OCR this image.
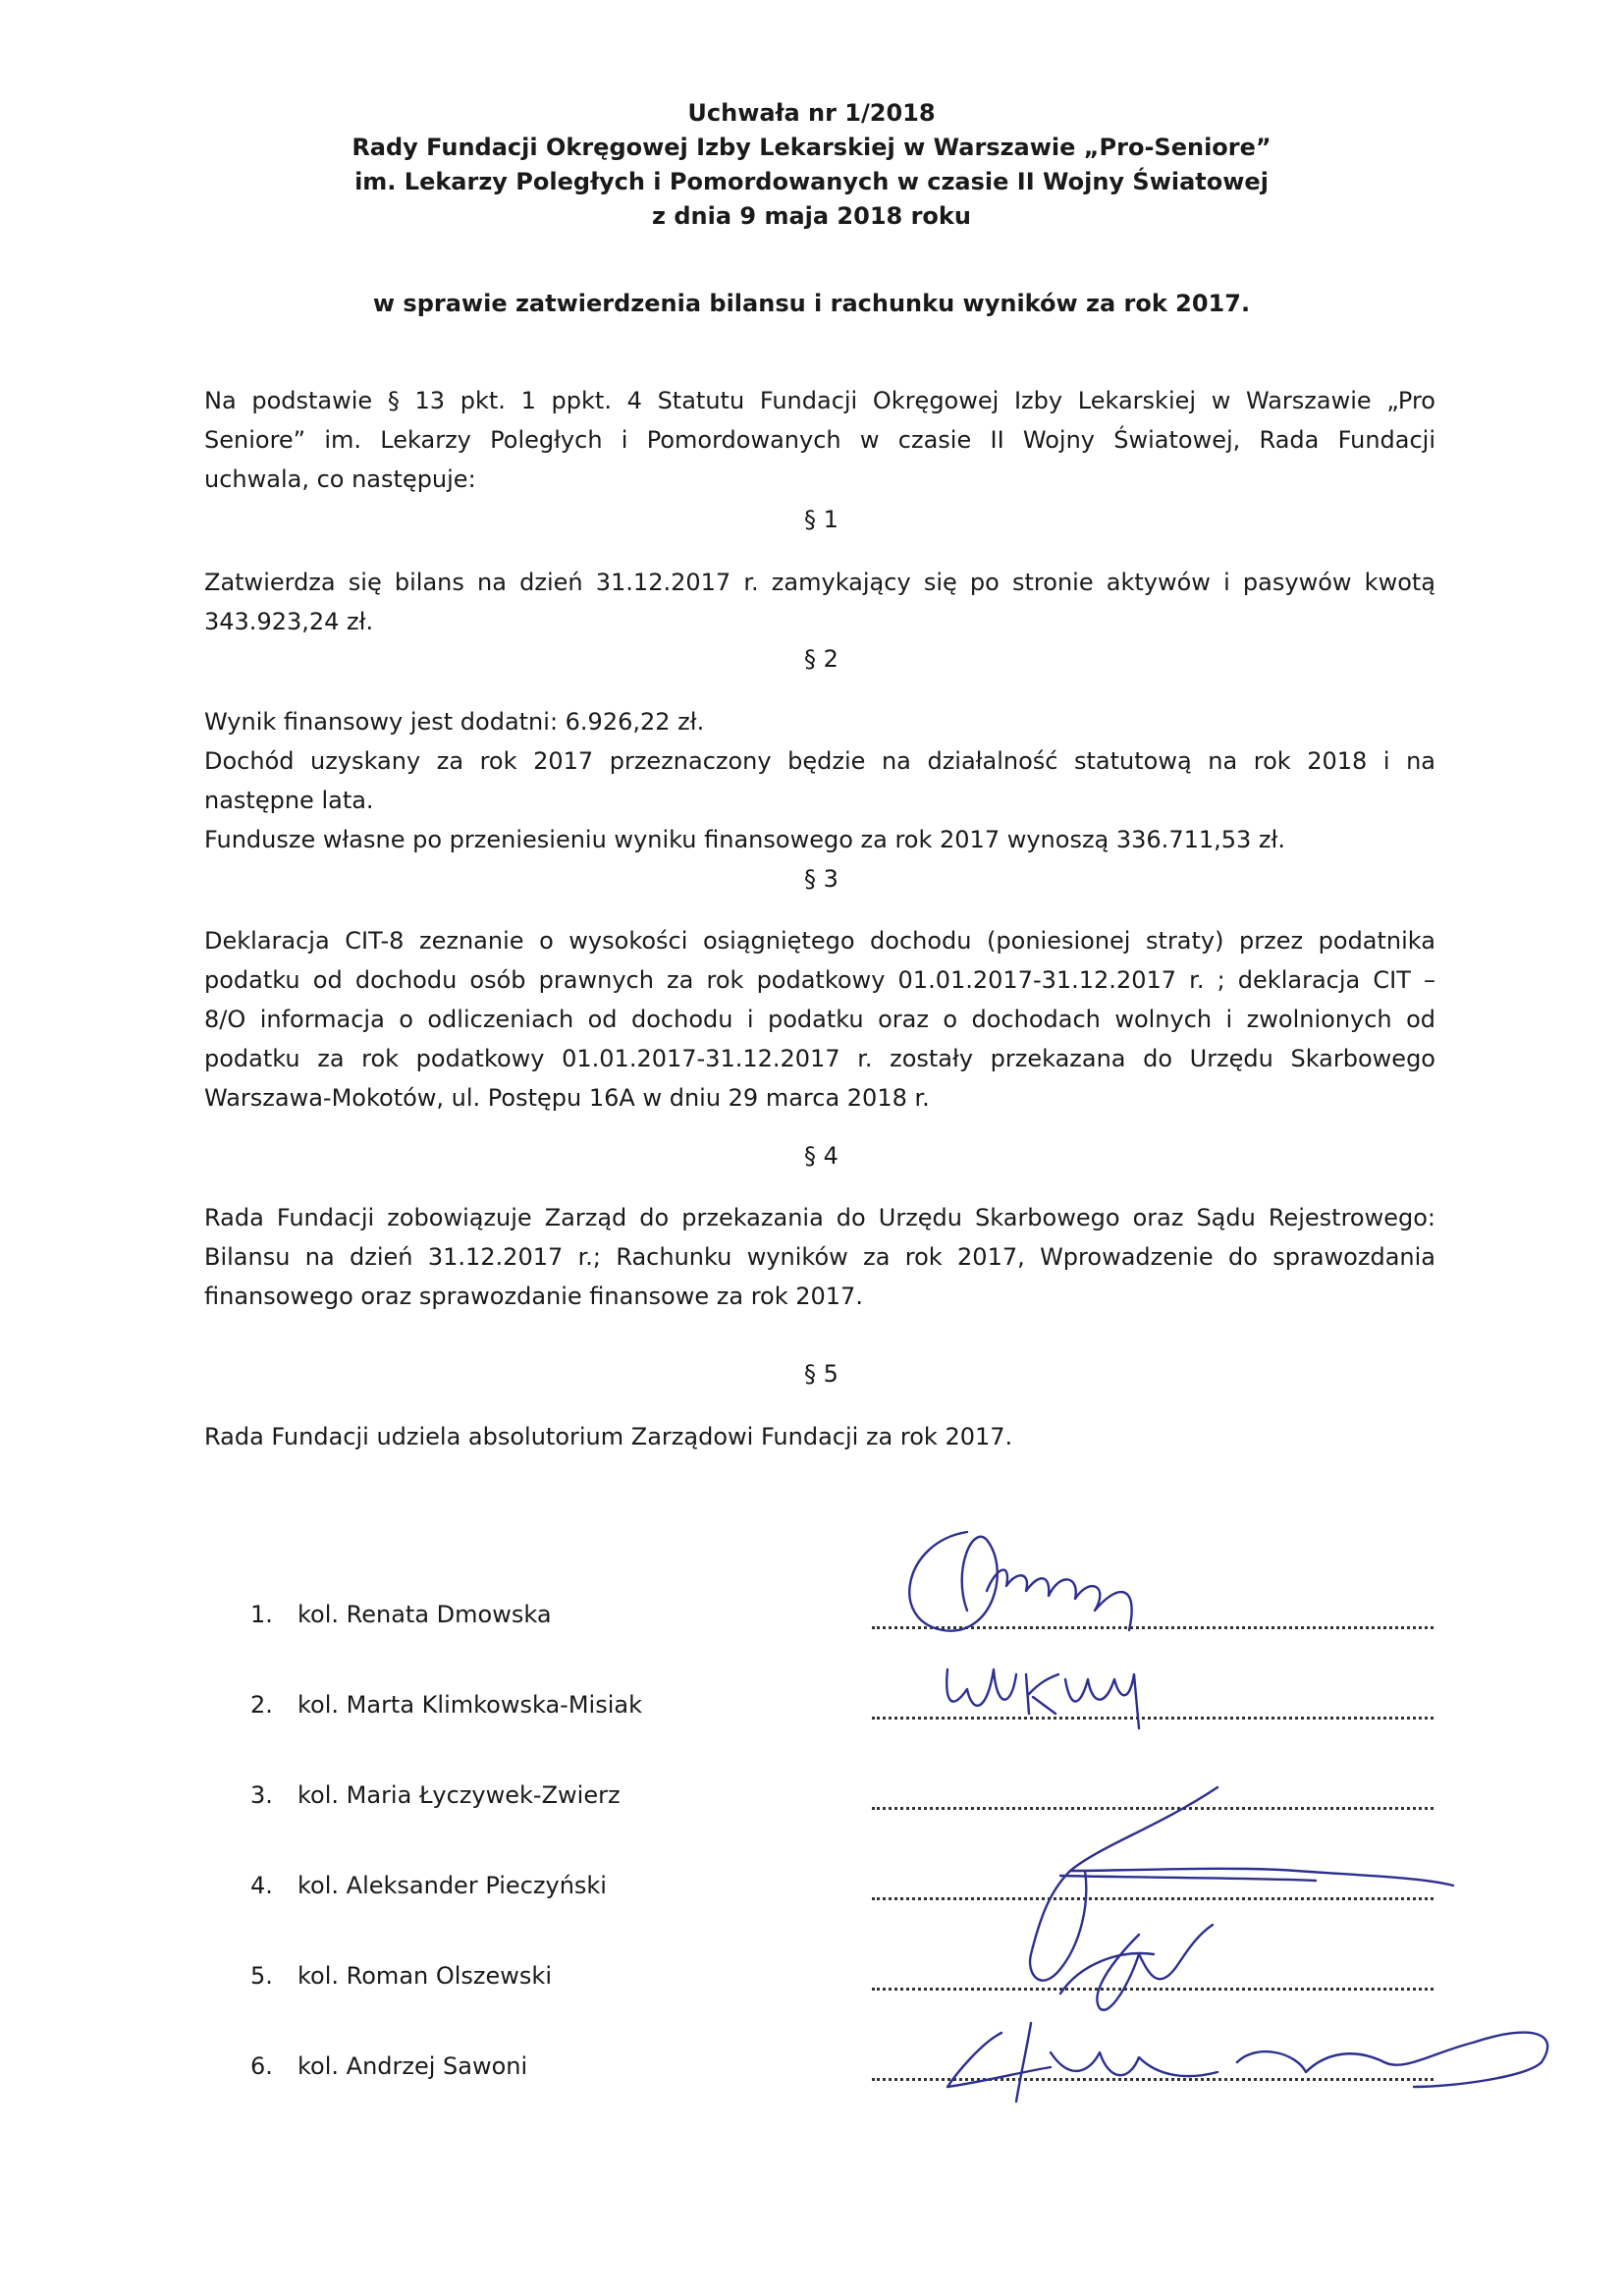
Uchwała nr 1/2018
Rady Fundacji Okręgowej Izby Lekarskiej w Warszawie „Pro-Seniore”
im. Lekarzy Poległych i Pomordowanych w czasie II Wojny Światowej
z dnia 9 maja 2018 roku
w sprawie zatwierdzenia bilansu i rachunku wyników za rok 2017.
Na podstawie § 13 pkt. 1 ppkt. 4 Statutu Fundacji Okręgowej Izby Lekarskiej w Warszawie „Pro
Seniore” im. Lekarzy Poległych i Pomordowanych w czasie II Wojny Światowej, Rada Fundacji
uchwala, co następuje:
§ 1
Zatwierdza się bilans na dzień 31.12.2017 r. zamykający się po stronie aktywów i pasywów kwotą
343.923,24 zł.
§ 2
Wynik finansowy jest dodatni: 6.926,22 zł.
Dochód uzyskany za rok 2017 przeznaczony będzie na działalność statutową na rok 2018 i na
następne lata.
Fundusze własne po przeniesieniu wyniku finansowego za rok 2017 wynoszą 336.711,53 zł.
§ 3
Deklaracja CIT-8 zeznanie o wysokości osiągniętego dochodu (poniesionej straty) przez podatnika
podatku od dochodu osób prawnych za rok podatkowy 01.01.2017-31.12.2017 r. ; deklaracja CIT –
8/O informacja o odliczeniach od dochodu i podatku oraz o dochodach wolnych i zwolnionych od
podatku za rok podatkowy 01.01.2017-31.12.2017 r. zostały przekazana do Urzędu Skarbowego
Warszawa-Mokotów, ul. Postępu 16A w dniu 29 marca 2018 r.
§ 4
Rada Fundacji zobowiązuje Zarząd do przekazania do Urzędu Skarbowego oraz Sądu Rejestrowego:
Bilansu na dzień 31.12.2017 r.; Rachunku wyników za rok 2017, Wprowadzenie do sprawozdania
finansowego oraz sprawozdanie finansowe za rok 2017.
§ 5
Rada Fundacji udziela absolutorium Zarządowi Fundacji za rok 2017.
1. kol. Renata Dmowska
2. kol. Marta Klimkowska-Misiak
3. kol. Maria Łyczywek-Zwierz
4. kol. Aleksander Pieczyński
5. kol. Roman Olszewski
6. kol. Andrzej Sawoni
